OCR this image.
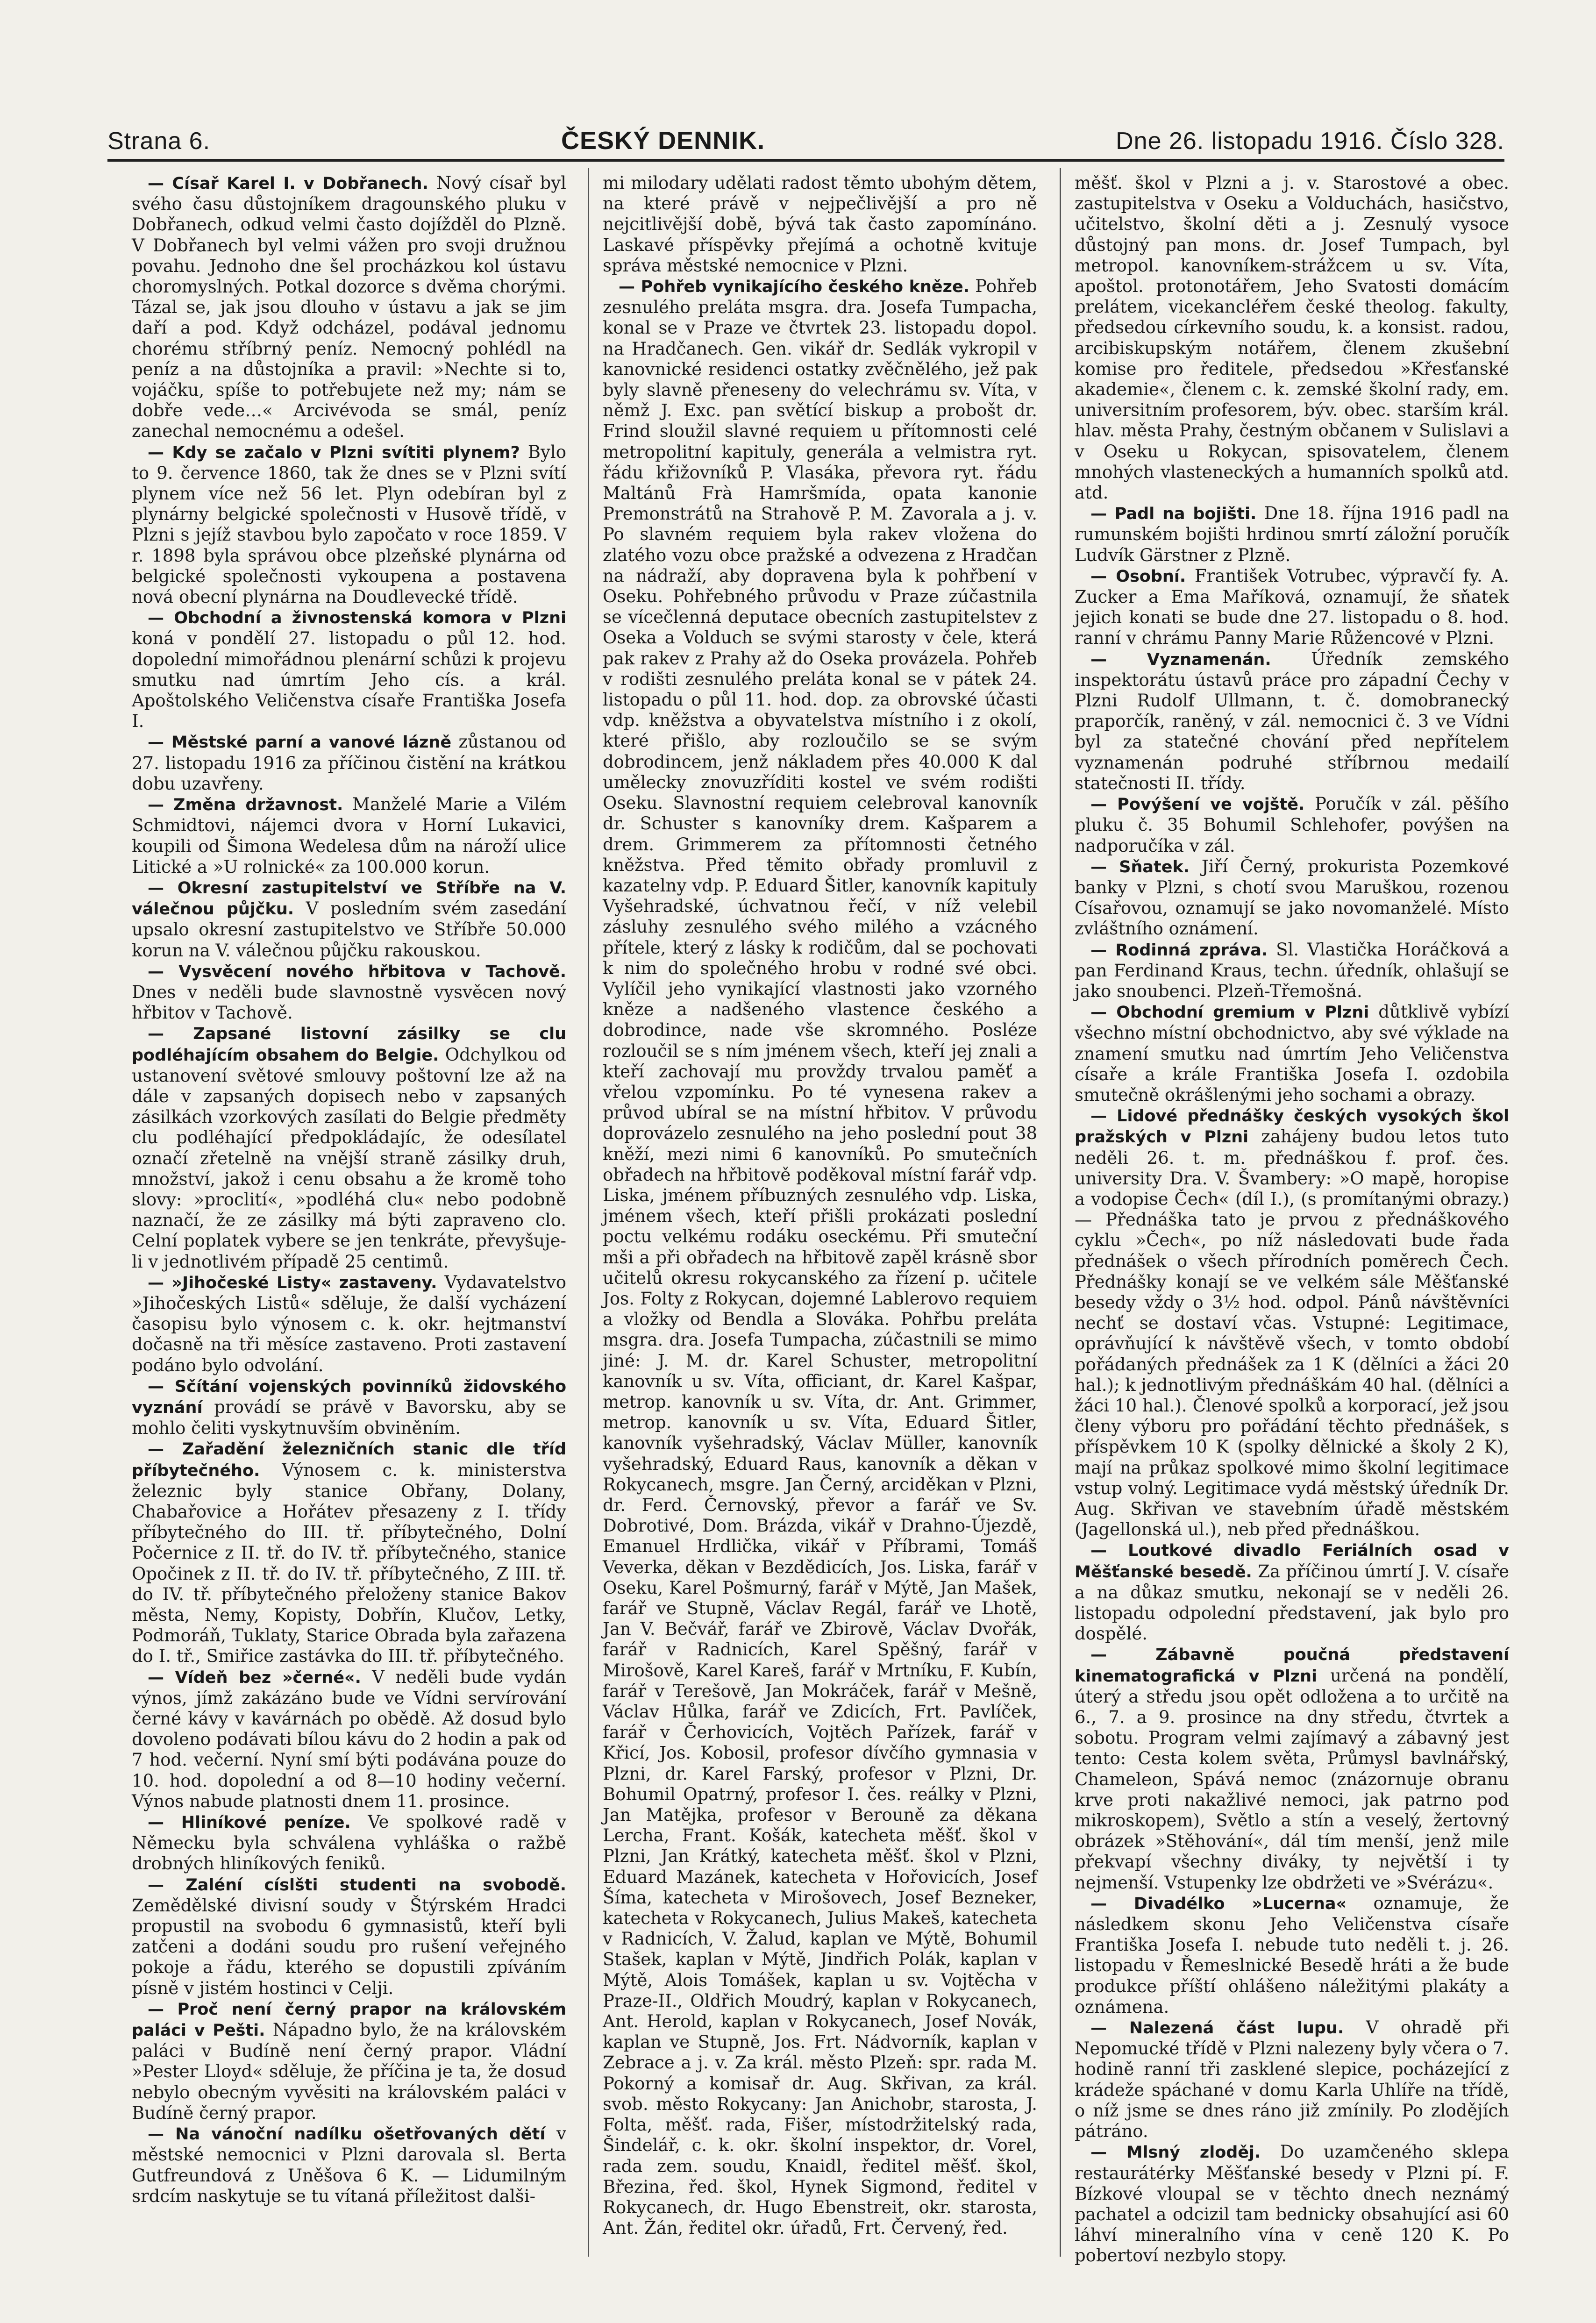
Strana 6.	ČESKÝ DENNIK.	Dne 26. listopadu 1916. Číslo 328.

— Císař Karel I. v Dobřanech. Nový císař byl svého času důstojníkem dragounského pluku v Dobřanech, odkud velmi často dojížděl do Plzně. V Dobřanech byl velmi vážen pro svoji družnou povahu. Jednoho dne šel procházkou kol ústavu choromyslných. Potkal dozorce s dvěma chorými. Tázal se, jak jsou dlouho v ústavu a jak se jim daří a pod. Když odcházel, podával jednomu chorému stříbrný peníz. Nemocný pohlédl na peníz a na důstojníka a pravil: »Nechte si to, vojáčku, spíše to potřebujete než my; nám se dobře vede…« Arcivévoda se smál, peníz zanechal nemocnému a odešel.

— Kdy se začalo v Plzni svítiti plynem? Bylo to 9. července 1860, tak že dnes se v Plzni svítí plynem více než 56 let. Plyn odebíran byl z plynárny belgické společnosti v Husově třídě, v Plzni s jejíž stavbou bylo započato v roce 1859. V r. 1898 byla správou obce plzeňské plynárna od belgické společnosti vykoupena a postavena nová obecní plynárna na Doudlevecké třídě.

— Obchodní a živnostenská komora v Plzni koná v pondělí 27. listopadu o půl 12. hod. dopolední mimořádnou plenární schůzi k projevu smutku nad úmrtím Jeho cís. a král. Apoštolského Veličenstva císaře Františka Josefa I.

— Městské parní a vanové lázně zůstanou od 27. listopadu 1916 za příčinou čistění na krátkou dobu uzavřeny.

— Změna državnost. Manželé Marie a Vilém Schmidtovi, nájemci dvora v Horní Lukavici, koupili od Šimona Wedelesa dům na nároží ulice Litické a »U rolnické« za 100.000 korun.

— Okresní zastupitelství ve Stříbře na V. válečnou půjčku. V posledním svém zasedání upsalo okresní zastupitelstvo ve Stříbře 50.000 korun na V. válečnou půjčku rakouskou.

— Vysvěcení nového hřbitova v Tachově. Dnes v neděli bude slavnostně vysvěcen nový hřbitov v Tachově.

— Zapsané listovní zásilky se clu podléhajícím obsahem do Belgie. Odchylkou od ustanovení světové smlouvy poštovní lze až na dále v zapsaných dopisech nebo v zapsaných zásilkách vzorkových zasílati do Belgie předměty clu podléhající předpokládajíc, že odesílatel označí zřetelně na vnější straně zásilky druh, množství, jakož i cenu obsahu a že kromě toho slovy: »proclití«, »podléhá clu« nebo podobně naznačí, že ze zásilky má býti zapraveno clo. Celní poplatek vybere se jen tenkráte, převyšuje-li v jednotlivém případě 25 centimů.

— »Jihočeské Listy« zastaveny. Vydavatelstvo »Jihočeských Listů« sděluje, že další vycházení časopisu bylo výnosem c. k. okr. hejtmanství dočasně na tři měsíce zastaveno. Proti zastavení podáno bylo odvolání.

— Sčítání vojenských povinníků židovského vyznání provádí se právě v Bavorsku, aby se mohlo čeliti vyskytnuvším obviněním.

— Zařadění železničních stanic dle tříd příbytečného. Výnosem c. k. ministerstva železnic byly stanice Obřany, Dolany, Chabařovice a Hořátev přesazeny z I. třídy příbytečného do III. tř. příbytečného, Dolní Počernice z II. tř. do IV. tř. příbytečného, stanice Opočinek z II. tř. do IV. tř. příbytečného, Z III. tř. do IV. tř. příbytečného přeloženy stanice Bakov města, Nemy, Kopisty, Dobřín, Klučov, Letky, Podmoráň, Tuklaty, Starice Obrada byla zařazena do I. tř., Smiřice zastávka do III. tř. příbytečného.

— Vídeň bez »černé«. V neděli bude vydán výnos, jímž zakázáno bude ve Vídni servírování černé kávy v kavárnách po obědě. Až dosud bylo dovoleno podávati bílou kávu do 2 hodin a pak od 7 hod. večerní. Nyní smí býti podávána pouze do 10. hod. dopolední a od 8—10 hodiny večerní. Výnos nabude platnosti dnem 11. prosince.

— Hliníkové peníze. Ve spolkové radě v Německu byla schválena vyhláška o ražbě drobných hliníkových feniků.

— Zaléní císlšti studenti na svobodě. Zemědělské divisní soudy v Štýrském Hradci propustil na svobodu 6 gymnasistů, kteří byli zatčeni a dodáni soudu pro rušení veřejného pokoje a řádu, kterého se dopustili zpíváním písně v jistém hostinci v Celji.

— Proč není černý prapor na královském paláci v Pešti. Nápadno bylo, že na královském paláci v Budíně není černý prapor. Vládní »Pester Lloyd« sděluje, že příčina je ta, že dosud nebylo obecným vyvěsiti na královském paláci v Budíně černý prapor.

— Na vánoční nadílku ošetřovaných dětí v městské nemocnici v Plzni darovala sl. Berta Gutfreundová z Uněšova 6 K. — Lidumilným srdcím naskytuje se tu vítaná příležitost dalši-

mi milodary udělati radost těmto ubohým dětem, na které právě v nejpečlivější a pro ně nejcitlivější době, bývá tak často zapomínáno. Laskavé příspěvky přejímá a ochotně kvituje správa městské nemocnice v Plzni.

— Pohřeb vynikajícího českého kněze. Pohřeb zesnulého preláta msgra. dra. Josefa Tumpacha, konal se v Praze ve čtvrtek 23. listopadu dopol. na Hradčanech. Gen. vikář dr. Sedlák vykropil v kanovnické residenci ostatky zvěčnělého, jež pak byly slavně přeneseny do velechrámu sv. Víta, v němž J. Exc. pan světící biskup a probošt dr. Frind sloužil slavné requiem u přítomnosti celé metropolitní kapituly, generála a velmistra ryt. řádu křižovníků P. Vlasáka, převora ryt. řádu Maltánů Frà Hamršmída, opata kanonie Premonstrátů na Strahově P. M. Zavorala a j. v. Po slavném requiem byla rakev vložena do zlatého vozu obce pražské a odvezena z Hradčan na nádraží, aby dopravena byla k pohřbení v Oseku. Pohřebného průvodu v Praze zúčastnila se vícečlenná deputace obecních zastupitelstev z Oseka a Volduch se svými starosty v čele, která pak rakev z Prahy až do Oseka provázela. Pohřeb v rodišti zesnulého preláta konal se v pátek 24. listopadu o půl 11. hod. dop. za obrovské účasti vdp. kněžstva a obyvatelstva místního i z okolí, které přišlo, aby rozloučilo se se svým dobrodincem, jenž nákladem přes 40.000 K dal umělecky znovuzříditi kostel ve svém rodišti Oseku. Slavnostní requiem celebroval kanovník dr. Schuster s kanovníky drem. Kašparem a drem. Grimmerem za přítomnosti četného kněžstva. Před těmito obřady promluvil z kazatelny vdp. P. Eduard Šitler, kanovník kapituly Vyšehradské, úchvatnou řečí, v níž velebil zásluhy zesnulého svého milého a vzácného přítele, který z lásky k rodičům, dal se pochovati k nim do společného hrobu v rodné své obci. Vylíčil jeho vynikající vlastnosti jako vzorného kněze a nadšeného vlastence českého a dobrodince, nade vše skromného. Posléze rozloučil se s ním jménem všech, kteří jej znali a kteří zachovají mu provždy trvalou paměť a vřelou vzpomínku. Po té vynesena rakev a průvod ubíral se na místní hřbitov. V průvodu doprovázelo zesnulého na jeho poslední pout 38 kněží, mezi nimi 6 kanovníků. Po smutečních obřadech na hřbitově poděkoval místní farář vdp. Liska, jménem příbuzných zesnulého vdp. Liska, jménem všech, kteří přišli prokázati poslední poctu velkému rodáku oseckému. Při smuteční mši a při obřadech na hřbitově zapěl krásně sbor učitelů okresu rokycanského za řízení p. učitele Jos. Folty z Rokycan, dojemné Lablerovo requiem a vložky od Bendla a Slováka. Pohřbu preláta msgra. dra. Josefa Tumpacha, zúčastnili se mimo jiné: J. M. dr. Karel Schuster, metropolitní kanovník u sv. Víta, officiant, dr. Karel Kašpar, metrop. kanovník u sv. Víta, dr. Ant. Grimmer, metrop. kanovník u sv. Víta, Eduard Šitler, kanovník vyšehradský, Václav Müller, kanovník vyšehradský, Eduard Raus, kanovník a děkan v Rokycanech, msgre. Jan Černý, arciděkan v Plzni, dr. Ferd. Černovský, převor a farář ve Sv. Dobrotivé, Dom. Brázda, vikář v Drahno-Újezdě, Emanuel Hrdlička, vikář v Příbrami, Tomáš Veverka, děkan v Bezdědicích, Jos. Liska, farář v Oseku, Karel Pošmurný, farář v Mýtě, Jan Mašek, farář ve Stupně, Václav Regál, farář ve Lhotě, Jan V. Bečvář, farář ve Zbirově, Václav Dvořák, farář v Radnicích, Karel Spěšný, farář v Mirošově, Karel Kareš, farář v Mrtníku, F. Kubín, farář v Terešově, Jan Mokráček, farář v Mešně, Václav Hůlka, farář ve Zdicích, Frt. Pavlíček, farář v Čerhovicích, Vojtěch Pařízek, farář v Křicí, Jos. Kobosil, profesor dívčího gymnasia v Plzni, dr. Karel Farský, profesor v Plzni, Dr. Bohumil Opatrný, profesor I. čes. reálky v Plzni, Jan Matějka, profesor v Berouně za děkana Lercha, Frant. Košák, katecheta měšť. škol v Plzni, Jan Krátký, katecheta měšť. škol v Plzni, Eduard Mazánek, katecheta v Hořovicích, Josef Šíma, katecheta v Mirošovech, Josef Bezneker, katecheta v Rokycanech, Julius Makeš, katecheta v Radnicích, V. Žalud, kaplan ve Mýtě, Bohumil Stašek, kaplan v Mýtě, Jindřich Polák, kaplan v Mýtě, Alois Tomášek, kaplan u sv. Vojtěcha v Praze-II., Oldřich Moudrý, kaplan v Rokycanech, Ant. Herold, kaplan v Rokycanech, Josef Novák, kaplan ve Stupně, Jos. Frt. Nádvorník, kaplan v Zebrace a j. v. Za král. město Plzeň: spr. rada M. Pokorný a komisař dr. Aug. Skřivan, za král. svob. město Rokycany: Jan Anichobr, starosta, J. Folta, měšť. rada, Fišer, místodržitelský rada, Šindelář, c. k. okr. školní inspektor, dr. Vorel, rada zem. soudu, Knaidl, ředitel měšť. škol, Březina, řed. škol, Hynek Sigmond, ředitel v Rokycanech, dr. Hugo Ebenstreit, okr. starosta, Ant. Žán, ředitel okr. úřadů, Frt. Červený, řed.

měšť. škol v Plzni a j. v. Starostové a obec. zastupitelstva v Oseku a Volduchách, hasičstvo, učitelstvo, školní děti a j. Zesnulý vysoce důstojný pan mons. dr. Josef Tumpach, byl metropol. kanovníkem-strážcem u sv. Víta, apoštol. protonotářem, Jeho Svatosti domácím prelátem, vicekancléřem české theolog. fakulty, předsedou církevního soudu, k. a konsist. radou, arcibiskupským notářem, členem zkušební komise pro ředitele, předsedou »Křesťanské akademie«, členem c. k. zemské školní rady, em. universitním profesorem, býv. obec. starším král. hlav. města Prahy, čestným občanem v Sulislavi a v Oseku u Rokycan, spisovatelem, členem mnohých vlasteneckých a humanních spolků atd. atd.

— Padl na bojišti. Dne 18. října 1916 padl na rumunském bojišti hrdinou smrtí záložní poručík Ludvík Gärstner z Plzně.

— Osobní. František Votrubec, výpravčí fy. A. Zucker a Ema Maříková, oznamují, že sňatek jejich konati se bude dne 27. listopadu o 8. hod. ranní v chrámu Panny Marie Růžencové v Plzni.

— Vyznamenán. Úředník zemského inspektorátu ústavů práce pro západní Čechy v Plzni Rudolf Ullmann, t. č. domobranecký praporčík, raněný, v zál. nemocnici č. 3 ve Vídni byl za statečné chování před nepřítelem vyznamenán podruhé stříbrnou medailí statečnosti II. třídy.

— Povýšení ve vojště. Poručík v zál. pěšího pluku č. 35 Bohumil Schlehofer, povýšen na nadporučíka v zál.

— Sňatek. Jiří Černý, prokurista Pozemkové banky v Plzni, s chotí svou Maruškou, rozenou Císařovou, oznamují se jako novomanželé. Místo zvláštního oznámení.

— Rodinná zpráva. Sl. Vlastička Horáčková a pan Ferdinand Kraus, techn. úředník, ohlašují se jako snoubenci. Plzeň-Třemošná.

— Obchodní gremium v Plzni důtklivě vybízí všechno místní obchodnictvo, aby své výklade na znamení smutku nad úmrtím Jeho Veličenstva císaře a krále Františka Josefa I. ozdobila smutečně okrášlenými jeho sochami a obrazy.

— Lidové přednášky českých vysokých škol pražských v Plzni zahájeny budou letos tuto neděli 26. t. m. přednáškou f. prof. čes. university Dra. V. Švambery: »O mapě, horopise a vodopise Čech« (díl I.), (s promítanými obrazy.) — Přednáška tato je prvou z přednáškového cyklu »Čech«, po níž následovati bude řada přednášek o všech přírodních poměrech Čech. Přednášky konají se ve velkém sále Měšťanské besedy vždy o 3½ hod. odpol. Pánů návštěvníci nechť se dostaví včas. Vstupné: Legitimace, oprávňující k návštěvě všech, v tomto období pořádaných přednášek za 1 K (dělníci a žáci 20 hal.); k jednotlivým přednáškám 40 hal. (dělníci a žáci 10 hal.). Členové spolků a korporací, jež jsou členy výboru pro pořádání těchto přednášek, s příspěvkem 10 K (spolky dělnické a školy 2 K), mají na průkaz spolkové mimo školní legitimace vstup volný. Legitimace vydá městský úředník Dr. Aug. Skřivan ve stavebním úřadě městském (Jagellonská ul.), neb před přednáškou.

— Loutkové divadlo Feriálních osad v Měšťanské besedě. Za příčinou úmrtí J. V. císaře a na důkaz smutku, nekonají se v neděli 26. listopadu odpolední představení, jak bylo pro dospělé.

— Zábavně poučná představení kinematografická v Plzni určená na pondělí, úterý a středu jsou opět odložena a to určitě na 6., 7. a 9. prosince na dny středu, čtvrtek a sobotu. Program velmi zajímavý a zábavný jest tento: Cesta kolem světa, Průmysl bavlnářský, Chameleon, Spává nemoc (znázornuje obranu krve proti nakažlivé nemoci, jak patrno pod mikroskopem), Světlo a stín a veselý, žertovný obrázek »Stěhování«, dál tím menší, jenž mile překvapí všechny diváky, ty největší i ty nejmenší. Vstupenky lze obdržeti ve »Svérázu«.

— Divadélko »Lucerna« oznamuje, že následkem skonu Jeho Veličenstva císaře Františka Josefa I. nebude tuto neděli t. j. 26. listopadu v Řemeslnické Besedě hráti a že bude produkce příští ohlášeno náležitými plakáty a oznámena.

— Nalezená část lupu. V ohradě při Nepomucké třídě v Plzni nalezeny byly včera o 7. hodině ranní tři zasklené slepice, pocházející z krádeže spáchané v domu Karla Uhlíře na třídě, o níž jsme se dnes ráno již zmínily. Po zlodějích pátráno.

— Mlsný zloděj. Do uzamčeného sklepa restaurátérky Měšťanské besedy v Plzni pí. F. Bízkové vloupal se v těchto dnech neznámý pachatel a odcizil tam bednicky obsahující asi 60 láhví mineralního vína v ceně 120 K. Po pobertoví nezbylo stopy.
